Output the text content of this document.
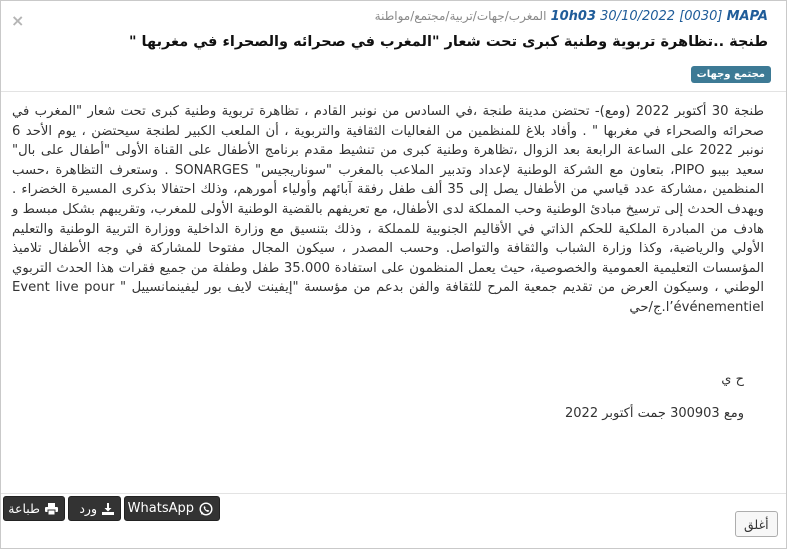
×	10h03 30/10/2022 [0030] MAPA المغرب/جهات/تربية/مجتمع/مواطنة
طنجة ..تظاهرة تربوية وطنية كبرى تحت شعار "المغرب في صحرائه والصحراء في مغربها "
مجتمع وجهات
طنجة 30 أكتوبر 2022 (ومع)- تحتضن مدينة طنجة ،في السادس من نونبر القادم ، تظاهرة تربوية وطنية كبرى تحت شعار "المغرب في صحرائه والصحراء في مغربها " . وأفاد بلاغ للمنظمين من الفعاليات الثقافية والتربوية ، أن الملعب الكبير لطنجة سيحتضن ، يوم الأحد 6 نونبر 2022 على الساعة الرابعة بعد الزوال ،تظاهرة وطنية كبرى من تنشيط مقدم برنامج الأطفال على القناة الأولى "أطفال على بال" سعيد بيبو PIPO، بتعاون مع الشركة الوطنية لإعداد وتدبير الملاعب بالمغرب "سوناريجيس" SONARGES . وستعرف التظاهرة ،حسب المنظمين ،مشاركة عدد قياسي من الأطفال يصل إلى 35 ألف طفل رفقة آبائهم وأولياء أمورهم، وذلك احتفالا بذكرى المسيرة الخضراء . ويهدف الحدث إلى ترسيخ مبادئ الوطنية وحب المملكة لدى الأطفال، مع تعريفهم بالقضية الوطنية الأولى للمغرب، وتقريبهم بشكل مبسط و هادف من المبادرة الملكية للحكم الذاتي في الأقاليم الجنوبية للمملكة ، وذلك بتنسيق مع وزارة الداخلية ووزارة التربية الوطنية والتعليم الأولي والرياضية، وكذا وزارة الشباب والثقافة والتواصل. وحسب المصدر ، سيكون المجال مفتوحا للمشاركة في وجه الأطفال تلاميذ المؤسسات التعليمية العمومية والخصوصية، حيث يعمل المنظمون على استفادة 35.000 طفل وطفلة من جميع فقرات هذا الحدث التربوي الوطني ، وسيكون العرض من تقديم جمعية المرح للثقافة والفن بدعم من مؤسسة "إيفينت لايف بور ليفينمانسييل " Event live pour l’événementiel.ج/حي
ح ي
ومع 300903 جمت أكتوبر 2022
طباعة	ورد WhatsApp
أغلق
